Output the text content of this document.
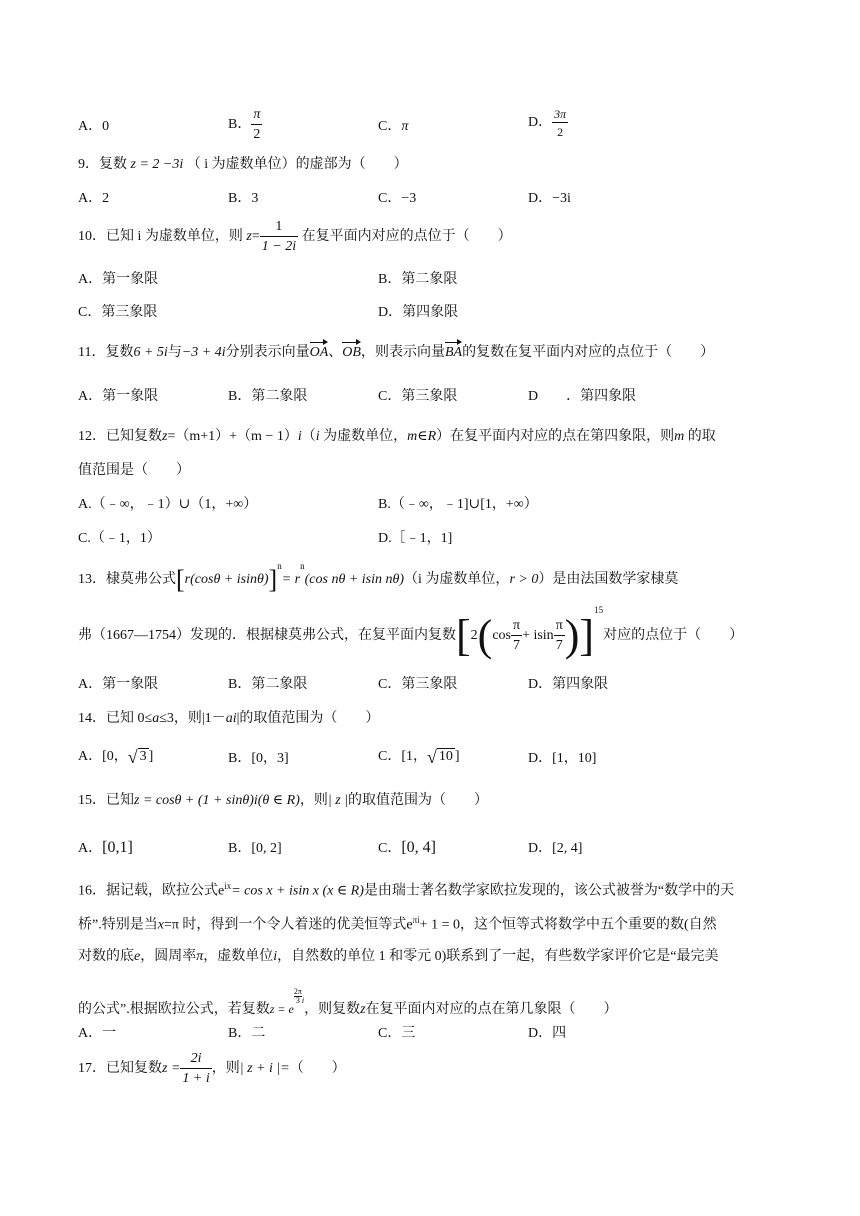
A．0	B． $\frac{\pi}{2}$	C．π	D． $\frac{3\pi}{2}$
9．复数 z = 2 −3i （ i 为虚数单位）的虚部为（　　）
A．2	B．3	C．−3	D．−3i
10．已知 i 为虚数单位，则 $z= \frac{1}{1 - 2i}$ 在复平面内对应的点位于（　　）
A．第一象限	B．第二象限
C．第三象限	D．第四象限
11．复数6 + 5i与−3 + 4i分别表示向量OA、OB，则表示向量BA的复数在复平面内对应的点位于（　　）
A．第一象限	B．第二象限	C．第三象限	D　　．第四象限
12．已知复数z=（m+1）+（m − 1）i（i 为虚数单位，m∈R）在复平面内对应的点在第四象限，则m 的取
值范围是（　　）
A.（﹣∞，﹣1）∪（1，+∞）	B.（﹣∞，﹣1]∪[1，+∞）
C.（﹣1，1）	D.［﹣1，1]
13．棣莫弗公式$[r(\cos\theta + isin\theta)]^n= r^n(\cos$ nθ + isin nθ)（i 为虚数单位，r > 0）是由法国数学家棣莫
弗（1667—1754）发现的．根据棣莫弗公式，在复平面内复数$[2(\cos \frac{\pi}{7} + isin \frac{\pi}{7} )]^{15}$对应的点位于（　　）
A．第一象限	B．第二象限	C．第三象限	D．第四象限
14．已知 0≤a≤3，则|1－ai|的取值范围为（　　）
A．[0，√ 3 ]	B．[0，3]	C．[1，√ 10 ]	D．[1，10]
15．已知z = cosθ + (1 + sinθ)i(θ ∈ R)，则| z |的取值范围为（　　）
A．[0,1]	B．[0, 2]	C．[0, 4]	D．[2, 4]
16．据记载，欧拉公式$e^{ix}= \cos x + isin$ x (x ∈ R)是由瑞士著名数学家欧拉发现的，该公式被誉为“数学中的天
桥”.特别是当x=π 时，得到一个令人着迷的优美恒等式$e^{\pi i}+ 1 = 0$，这个恒等式将数学中五个重要的数(自然
对数的底e，圆周率π，虚数单位i，自然数的单位 1 和零元 0)联系到了一起，有些数学家评价它是“最完美
的公式”.根据欧拉公式，若复数z = e
$\frac{2\pi}{3}$ i，则复数z在复平面内对应的点在第几象限（　　）
A．一	B．二	C．三	D．四
17．已知复数$z = \frac{2i}{1 + i}$ ，则| z + i |=（　　）
